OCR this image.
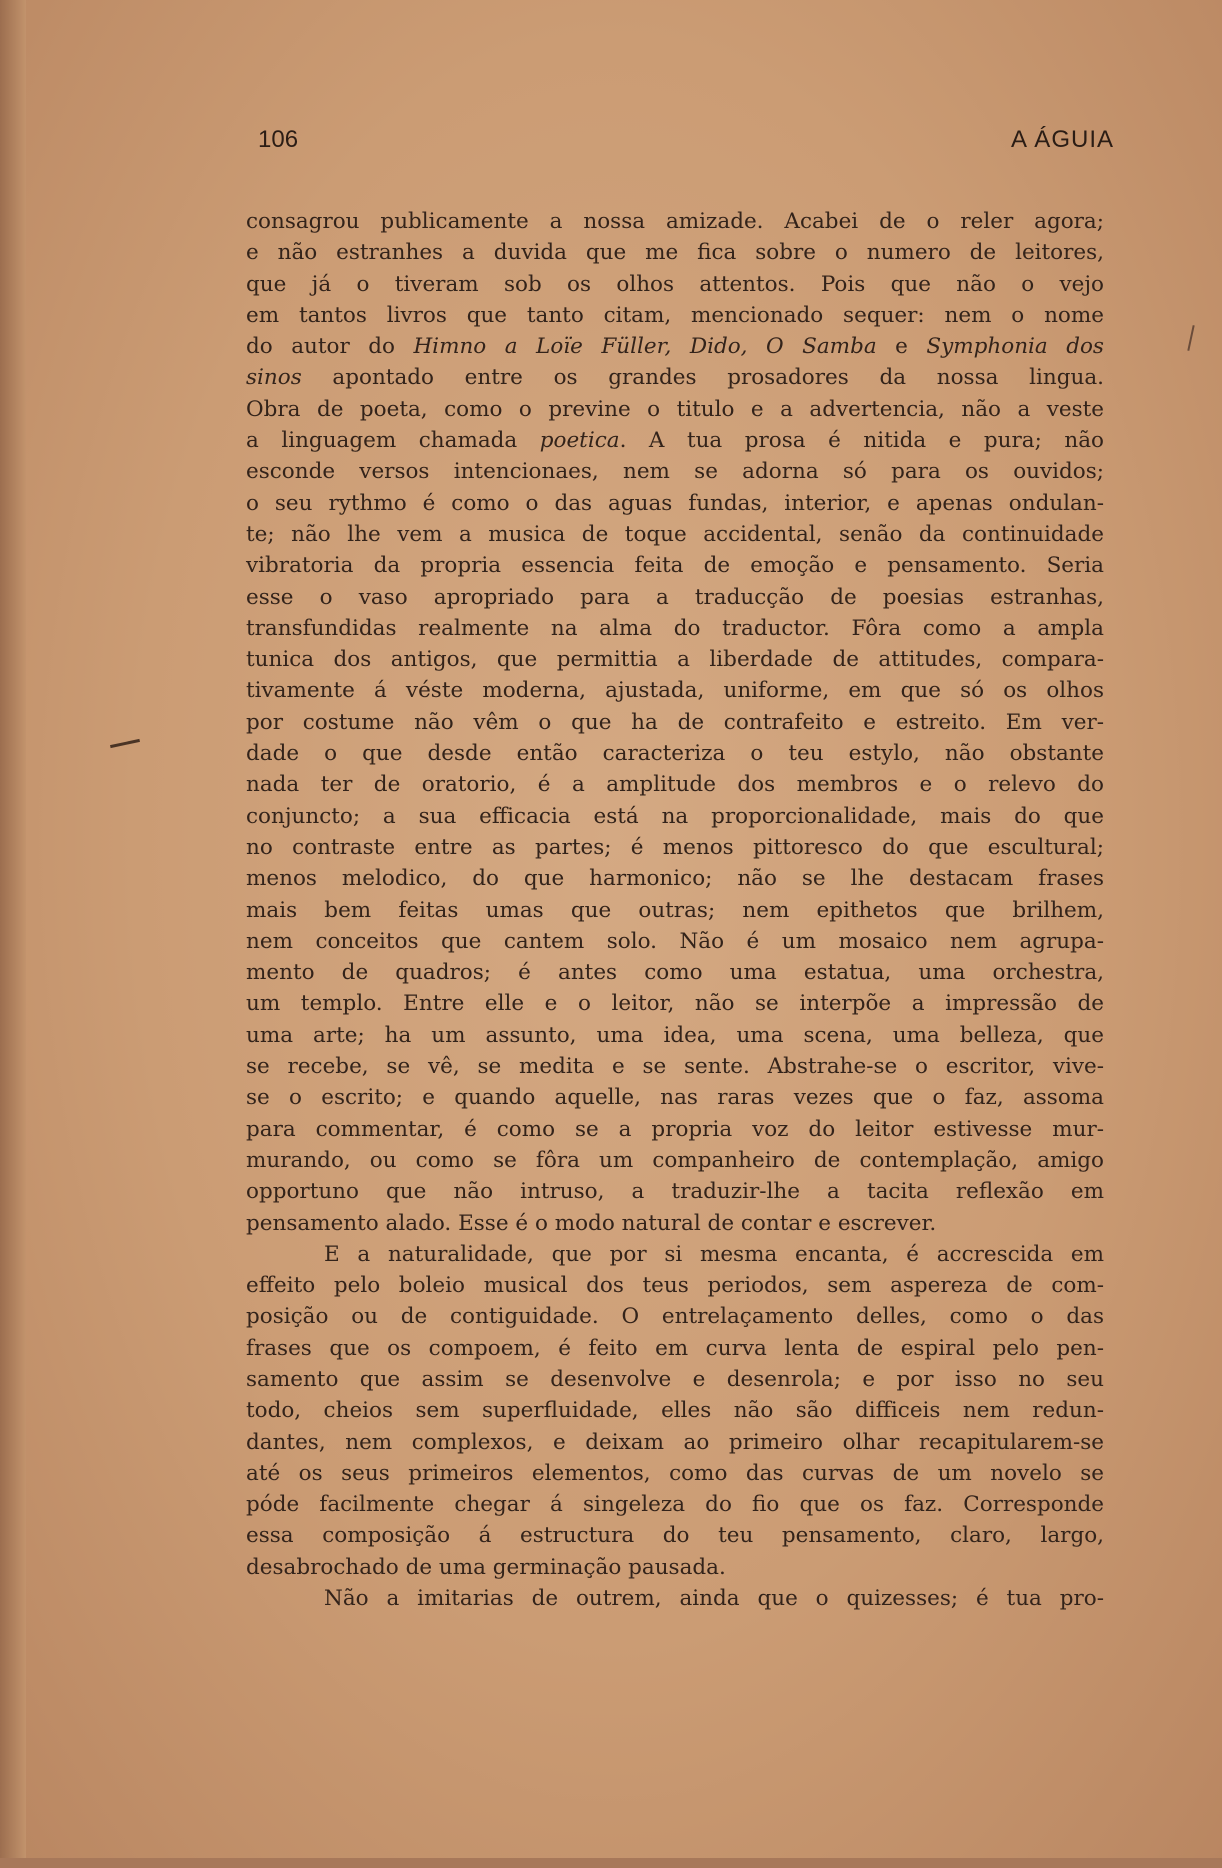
106	A ÁGUIA
consagrou publicamente a nossa amizade. Acabei de o reler agora;
e não estranhes a duvida que me fica sobre o numero de leitores,
que já o tiveram sob os olhos attentos. Pois que não o vejo
em tantos livros que tanto citam, mencionado sequer: nem o nome
do autor do Himno a Loïe Füller, Dido, O Samba e Symphonia dos
sinos apontado entre os grandes prosadores da nossa lingua.
Obra de poeta, como o previne o titulo e a advertencia, não a veste
a linguagem chamada poetica. A tua prosa é nitida e pura; não
esconde versos intencionaes, nem se adorna só para os ouvidos;
o seu rythmo é como o das aguas fundas, interior, e apenas ondulan-
te; não lhe vem a musica de toque accidental, senão da continuidade
vibratoria da propria essencia feita de emoção e pensamento. Seria
esse o vaso apropriado para a traducção de poesias estranhas,
transfundidas realmente na alma do traductor. Fôra como a ampla
tunica dos antigos, que permittia a liberdade de attitudes, compara-
tivamente á véste moderna, ajustada, uniforme, em que só os olhos
por costume não vêm o que ha de contrafeito e estreito. Em ver-
dade o que desde então caracteriza o teu estylo, não obstante
nada ter de oratorio, é a amplitude dos membros e o relevo do
conjuncto; a sua efficacia está na proporcionalidade, mais do que
no contraste entre as partes; é menos pittoresco do que escultural;
menos melodico, do que harmonico; não se lhe destacam frases
mais bem feitas umas que outras; nem epithetos que brilhem,
nem conceitos que cantem solo. Não é um mosaico nem agrupa-
mento de quadros; é antes como uma estatua, uma orchestra,
um templo. Entre elle e o leitor, não se interpõe a impressão de
uma arte; ha um assunto, uma idea, uma scena, uma belleza, que
se recebe, se vê, se medita e se sente. Abstrahe-se o escritor, vive-
se o escrito; e quando aquelle, nas raras vezes que o faz, assoma
para commentar, é como se a propria voz do leitor estivesse mur-
murando, ou como se fôra um companheiro de contemplação, amigo
opportuno que não intruso, a traduzir-lhe a tacita reflexão em
pensamento alado. Esse é o modo natural de contar e escrever.
E a naturalidade, que por si mesma encanta, é accrescida em
effeito pelo boleio musical dos teus periodos, sem aspereza de com-
posição ou de contiguidade. O entrelaçamento delles, como o das
frases que os compoem, é feito em curva lenta de espiral pelo pen-
samento que assim se desenvolve e desenrola; e por isso no seu
todo, cheios sem superfluidade, elles não são difficeis nem redun-
dantes, nem complexos, e deixam ao primeiro olhar recapitularem-se
até os seus primeiros elementos, como das curvas de um novelo se
póde facilmente chegar á singeleza do fio que os faz. Corresponde
essa composição á estructura do teu pensamento, claro, largo,
desabrochado de uma germinação pausada.
Não a imitarias de outrem, ainda que o quizesses; é tua pro-
